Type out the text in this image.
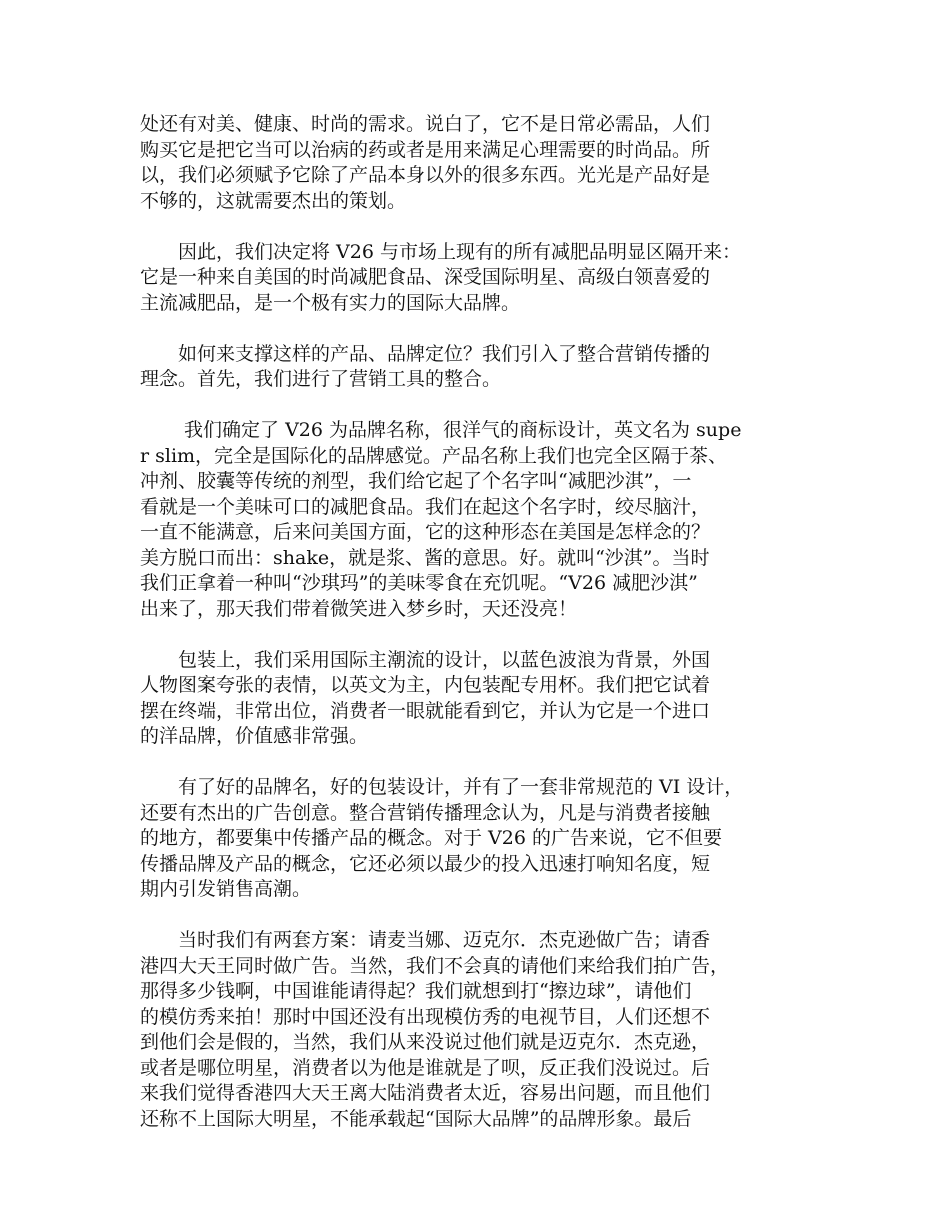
处还有对美、健康、时尚的需求。说白了，它不是日常必需品，人们
购买它是把它当可以治病的药或者是用来满足心理需要的时尚品。所
以，我们必须赋予它除了产品本身以外的很多东西。光光是产品好是
不够的，这就需要杰出的策划。

　　因此，我们决定将 V26 与市场上现有的所有减肥品明显区隔开来：
它是一种来自美国的时尚减肥食品、深受国际明星、高级白领喜爱的
主流减肥品，是一个极有实力的国际大品牌。

　　如何来支撑这样的产品、品牌定位？我们引入了整合营销传播的
理念。首先，我们进行了营销工具的整合。

　　 我们确定了 V26 为品牌名称，很洋气的商标设计，英文名为 supe
r slim，完全是国际化的品牌感觉。产品名称上我们也完全区隔于茶、
冲剂、胶囊等传统的剂型，我们给它起了个名字叫“减肥沙淇”，一
看就是一个美味可口的减肥食品。我们在起这个名字时，绞尽脑汁，
一直不能满意，后来问美国方面，它的这种形态在美国是怎样念的？
美方脱口而出：shake，就是浆、酱的意思。好。就叫“沙淇”。当时
我们正拿着一种叫“沙琪玛”的美味零食在充饥呢。“V26 减肥沙淇”
出来了，那天我们带着微笑进入梦乡时，天还没亮！

　　包装上，我们采用国际主潮流的设计，以蓝色波浪为背景，外国
人物图案夸张的表情，以英文为主，内包装配专用杯。我们把它试着
摆在终端，非常出位，消费者一眼就能看到它，并认为它是一个进口
的洋品牌，价值感非常强。

　　有了好的品牌名，好的包装设计，并有了一套非常规范的 VI 设计，
还要有杰出的广告创意。整合营销传播理念认为，凡是与消费者接触
的地方，都要集中传播产品的概念。对于 V26 的广告来说，它不但要
传播品牌及产品的概念，它还必须以最少的投入迅速打响知名度，短
期内引发销售高潮。

　　当时我们有两套方案：请麦当娜、迈克尔．杰克逊做广告；请香
港四大天王同时做广告。当然，我们不会真的请他们来给我们拍广告，
那得多少钱啊，中国谁能请得起？我们就想到打“擦边球”，请他们
的模仿秀来拍！那时中国还没有出现模仿秀的电视节目，人们还想不
到他们会是假的，当然，我们从来没说过他们就是迈克尔．杰克逊，
或者是哪位明星，消费者以为他是谁就是了呗，反正我们没说过。后
来我们觉得香港四大天王离大陆消费者太近，容易出问题，而且他们
还称不上国际大明星，不能承载起“国际大品牌”的品牌形象。最后
